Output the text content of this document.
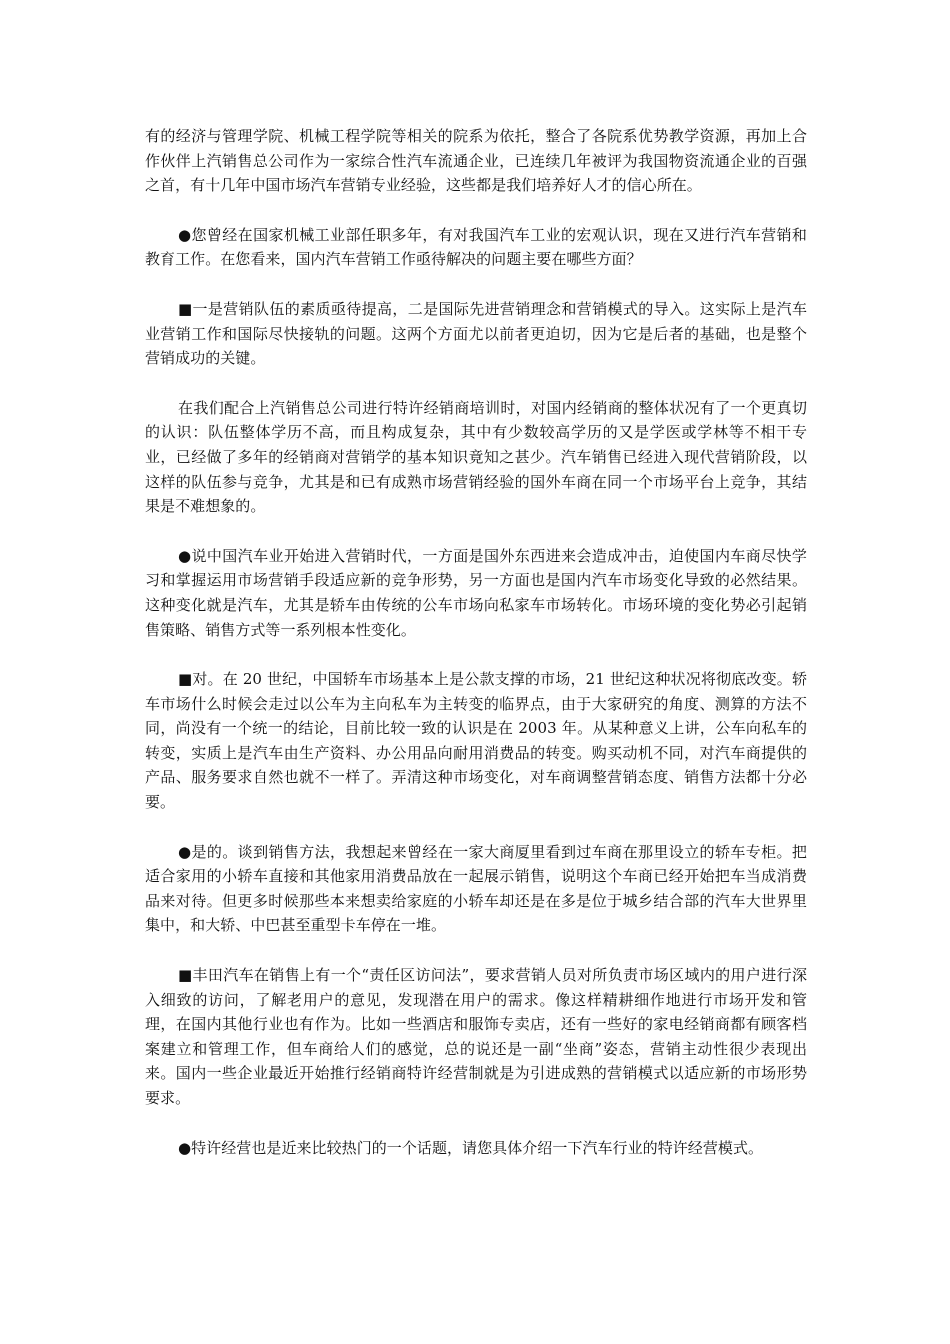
有的经济与管理学院、机械工程学院等相关的院系为依托，整合了各院系优势教学资源，再加上合作伙伴上汽销售总公司作为一家综合性汽车流通企业，已连续几年被评为我国物资流通企业的百强之首，有十几年中国市场汽车营销专业经验，这些都是我们培养好人才的信心所在。

●您曾经在国家机械工业部任职多年，有对我国汽车工业的宏观认识，现在又进行汽车营销和教育工作。在您看来，国内汽车营销工作亟待解决的问题主要在哪些方面？

■一是营销队伍的素质亟待提高，二是国际先进营销理念和营销模式的导入。这实际上是汽车业营销工作和国际尽快接轨的问题。这两个方面尤以前者更迫切，因为它是后者的基础，也是整个营销成功的关键。

在我们配合上汽销售总公司进行特许经销商培训时，对国内经销商的整体状况有了一个更真切的认识：队伍整体学历不高，而且构成复杂，其中有少数较高学历的又是学医或学林等不相干专业，已经做了多年的经销商对营销学的基本知识竟知之甚少。汽车销售已经进入现代营销阶段，以这样的队伍参与竞争，尤其是和已有成熟市场营销经验的国外车商在同一个市场平台上竞争，其结果是不难想象的。

●说中国汽车业开始进入营销时代，一方面是国外东西进来会造成冲击，迫使国内车商尽快学习和掌握运用市场营销手段适应新的竞争形势，另一方面也是国内汽车市场变化导致的必然结果。这种变化就是汽车，尤其是轿车由传统的公车市场向私家车市场转化。市场环境的变化势必引起销售策略、销售方式等一系列根本性变化。

■对。在 20 世纪，中国轿车市场基本上是公款支撑的市场，21 世纪这种状况将彻底改变。轿车市场什么时候会走过以公车为主向私车为主转变的临界点，由于大家研究的角度、测算的方法不同，尚没有一个统一的结论，目前比较一致的认识是在 2003 年。从某种意义上讲，公车向私车的转变，实质上是汽车由生产资料、办公用品向耐用消费品的转变。购买动机不同，对汽车商提供的产品、服务要求自然也就不一样了。弄清这种市场变化，对车商调整营销态度、销售方法都十分必要。

●是的。谈到销售方法，我想起来曾经在一家大商厦里看到过车商在那里设立的轿车专柜。把适合家用的小轿车直接和其他家用消费品放在一起展示销售，说明这个车商已经开始把车当成消费品来对待。但更多时候那些本来想卖给家庭的小轿车却还是在多是位于城乡结合部的汽车大世界里集中，和大轿、中巴甚至重型卡车停在一堆。

■丰田汽车在销售上有一个“责任区访问法”，要求营销人员对所负责市场区域内的用户进行深入细致的访问，了解老用户的意见，发现潜在用户的需求。像这样精耕细作地进行市场开发和管理，在国内其他行业也有作为。比如一些酒店和服饰专卖店，还有一些好的家电经销商都有顾客档案建立和管理工作，但车商给人们的感觉，总的说还是一副“坐商”姿态，营销主动性很少表现出来。国内一些企业最近开始推行经销商特许经营制就是为引进成熟的营销模式以适应新的市场形势要求。

●特许经营也是近来比较热门的一个话题，请您具体介绍一下汽车行业的特许经营模式。
